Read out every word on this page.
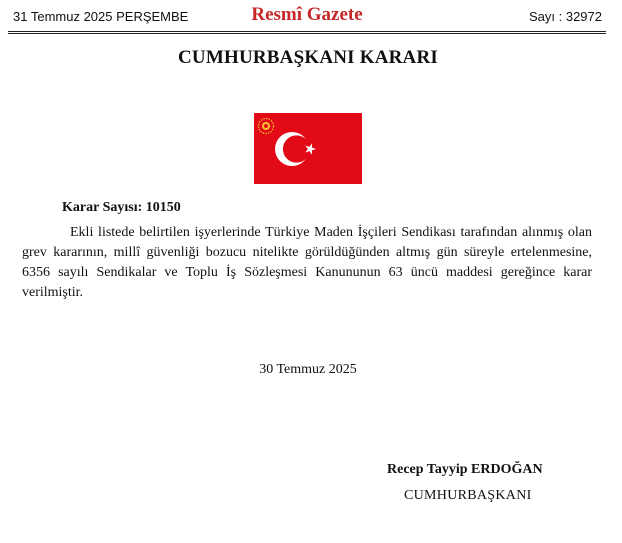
31 Temmuz 2025 PERŞEMBE	Resmî Gazete	Sayı : 32972
CUMHURBAŞKANI KARARI
Karar Sayısı: 10150
Ekli listede belirtilen işyerlerinde Türkiye Maden İşçileri Sendikası tarafından alınmış olan grev kararının, millî güvenliği bozucu nitelikte görüldüğünden altmış gün süreyle ertelenmesine, 6356 sayılı Sendikalar ve Toplu İş Sözleşmesi Kanununun 63 üncü maddesi gereğince karar verilmiştir.
30 Temmuz 2025
Recep Tayyip ERDOĞAN
CUMHURBAŞKANI
